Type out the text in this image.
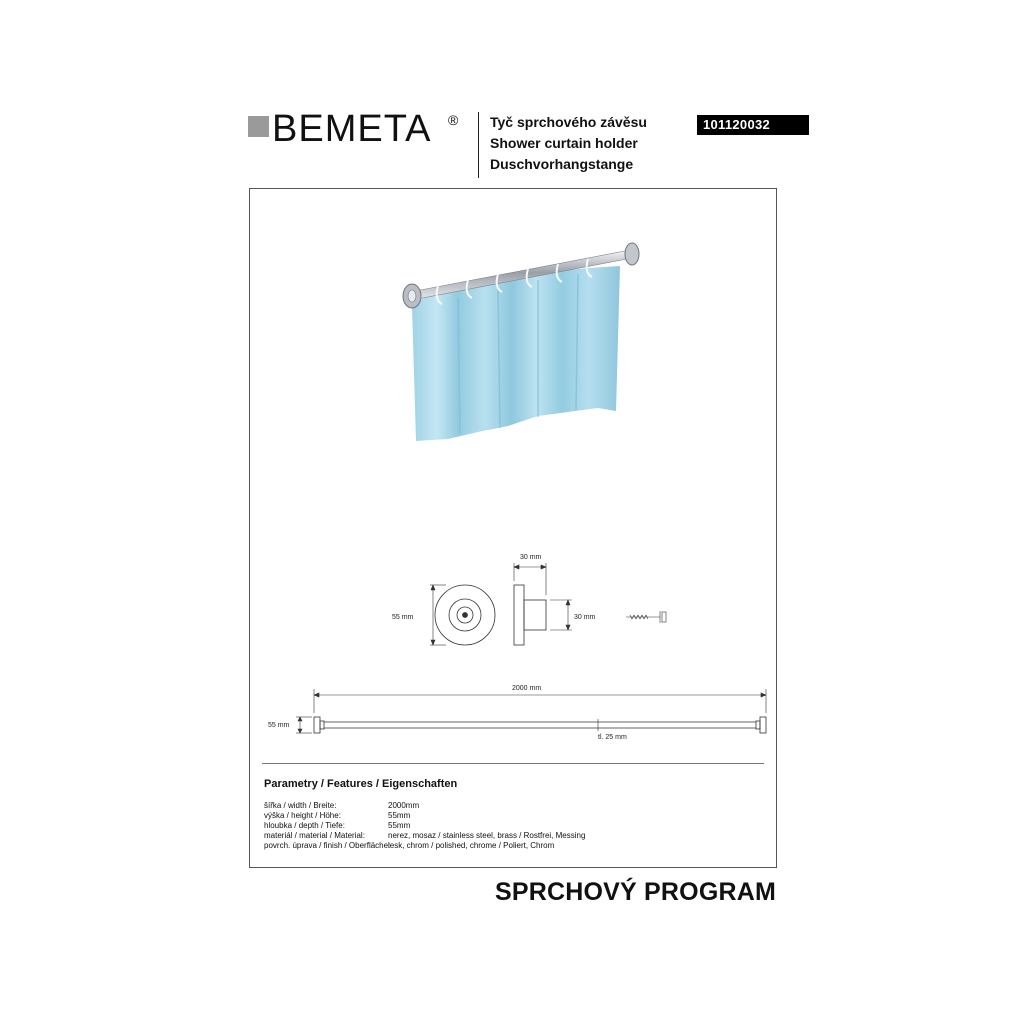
BEMETA ® Tyč sprchového závěsu
Shower curtain holder
Duschvorhangstange
101120032
55 mm
30 mm
30 mm
2000 mm
55 mm
tl. 25 mm
Parametry / Features / Eigenschaften
šířka / width / Breite:	2000mm
výška / height / Höhe:	55mm
hloubka / depth / Tiefe:	55mm
materiál / material / Material:	nerez, mosaz / stainless steel, brass / Rostfrei, Messing
povrch. úprava / finish / Oberfläche:
lesk, chrom / polished, chrome / Poliert, Chrom
SPRCHOVÝ PROGRAM
